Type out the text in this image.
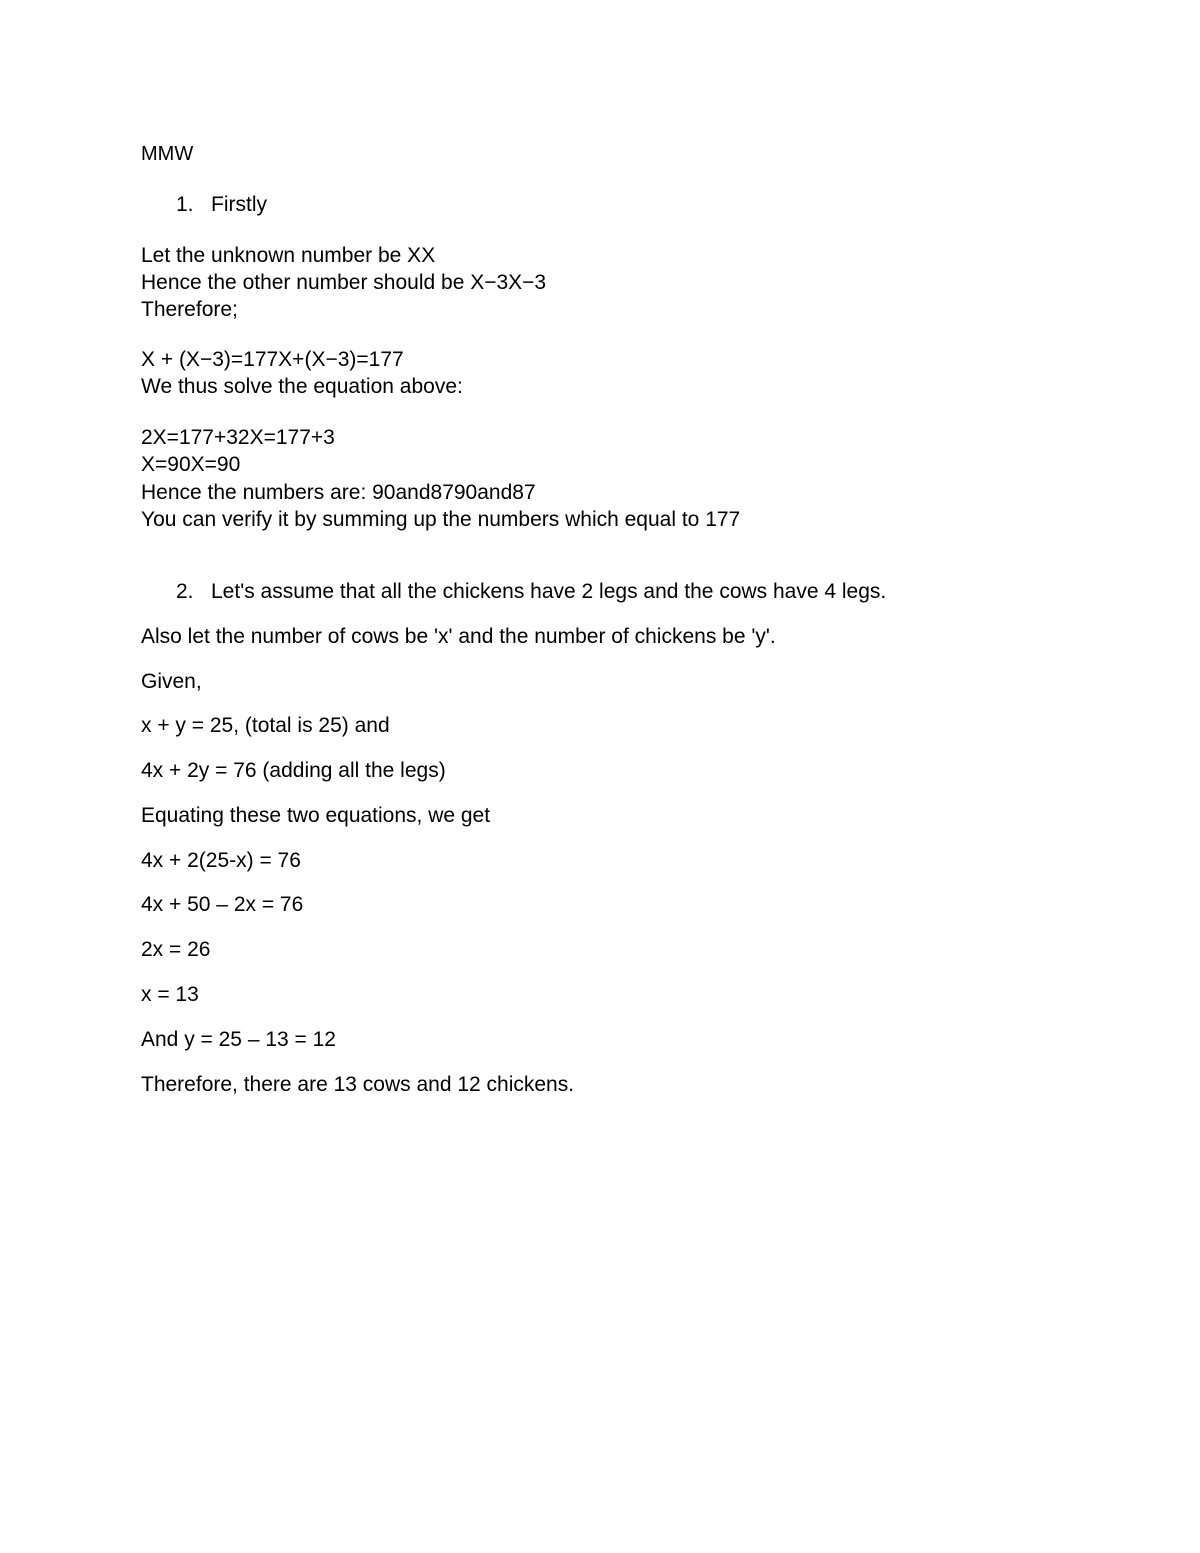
MMW
1. Firstly
Let the unknown number be XX
Hence the other number should be X−3X−3
Therefore;
X + (X−3)=177X+(X−3)=177
We thus solve the equation above:
2X=177+32X=177+3
X=90X=90
Hence the numbers are: 90and8790and87
You can verify it by summing up the numbers which equal to 177
2. Let's assume that all the chickens have 2 legs and the cows have 4 legs.
Also let the number of cows be 'x' and the number of chickens be 'y'.
Given,
x + y = 25, (total is 25) and
4x + 2y = 76 (adding all the legs)
Equating these two equations, we get
4x + 2(25-x) = 76
4x + 50 – 2x = 76
2x = 26
x = 13
And y = 25 – 13 = 12
Therefore, there are 13 cows and 12 chickens.
